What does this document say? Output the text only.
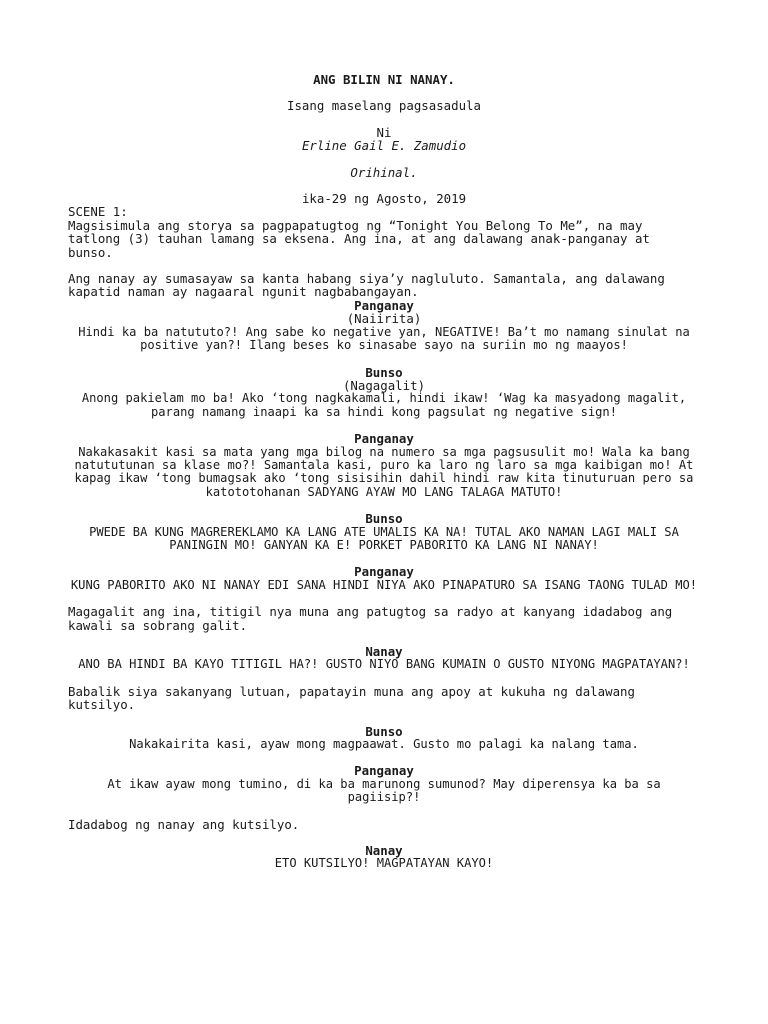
ANG BILIN NI NANAY.

Isang maselang pagsasadula

Ni

Erline Gail E. Zamudio

Orihinal.

ika-29 ng Agosto, 2019

SCENE 1:

Magsisimula ang storya sa pagpapatugtog ng “Tonight You Belong To Me”, na may tatlong (3) tauhan lamang sa eksena. Ang ina, at ang dalawang anak-panganay at bunso.

Ang nanay ay sumasayaw sa kanta habang siya’y nagluluto. Samantala, ang dalawang kapatid naman ay nagaaral ngunit nagbabangayan.

Panganay

(Naiirita)

Hindi ka ba natututo?! Ang sabe ko negative yan, NEGATIVE! Ba’t mo namang sinulat na positive yan?! Ilang beses ko sinasabe sayo na suriin mo ng maayos!

Bunso

(Nagagalit)

Anong pakielam mo ba! Ako ‘tong nagkakamali, hindi ikaw! ‘Wag ka masyadong magalit, parang namang inaapi ka sa hindi kong pagsulat ng negative sign!

Panganay

Nakakasakit kasi sa mata yang mga bilog na numero sa mga pagsusulit mo! Wala ka bang natututunan sa klase mo?! Samantala kasi, puro ka laro ng laro sa mga kaibigan mo! At kapag ikaw ‘tong bumagsak ako ‘tong sisisihin dahil hindi raw kita tinuturuan pero sa katototohanan SADYANG AYAW MO LANG TALAGA MATUTO!

Bunso

PWEDE BA KUNG MAGREREKLAMO KA LANG ATE UMALIS KA NA! TUTAL AKO NAMAN LAGI MALI SA PANINGIN MO! GANYAN KA E! PORKET PABORITO KA LANG NI NANAY!

Panganay

KUNG PABORITO AKO NI NANAY EDI SANA HINDI NIYA AKO PINAPATURO SA ISANG TAONG TULAD MO!

Magagalit ang ina, titigil nya muna ang patugtog sa radyo at kanyang idadabog ang kawali sa sobrang galit.

Nanay

ANO BA HINDI BA KAYO TITIGIL HA?! GUSTO NIYO BANG KUMAIN O GUSTO NIYONG MAGPATAYAN?!

Babalik siya sakanyang lutuan, papatayin muna ang apoy at kukuha ng dalawang kutsilyo.

Bunso

Nakakairita kasi, ayaw mong magpaawat. Gusto mo palagi ka nalang tama.

Panganay

At ikaw ayaw mong tumino, di ka ba marunong sumunod? May diperensya ka ba sa pagiisip?!

Idadabog ng nanay ang kutsilyo.

Nanay

ETO KUTSILYO! MAGPATAYAN KAYO!
